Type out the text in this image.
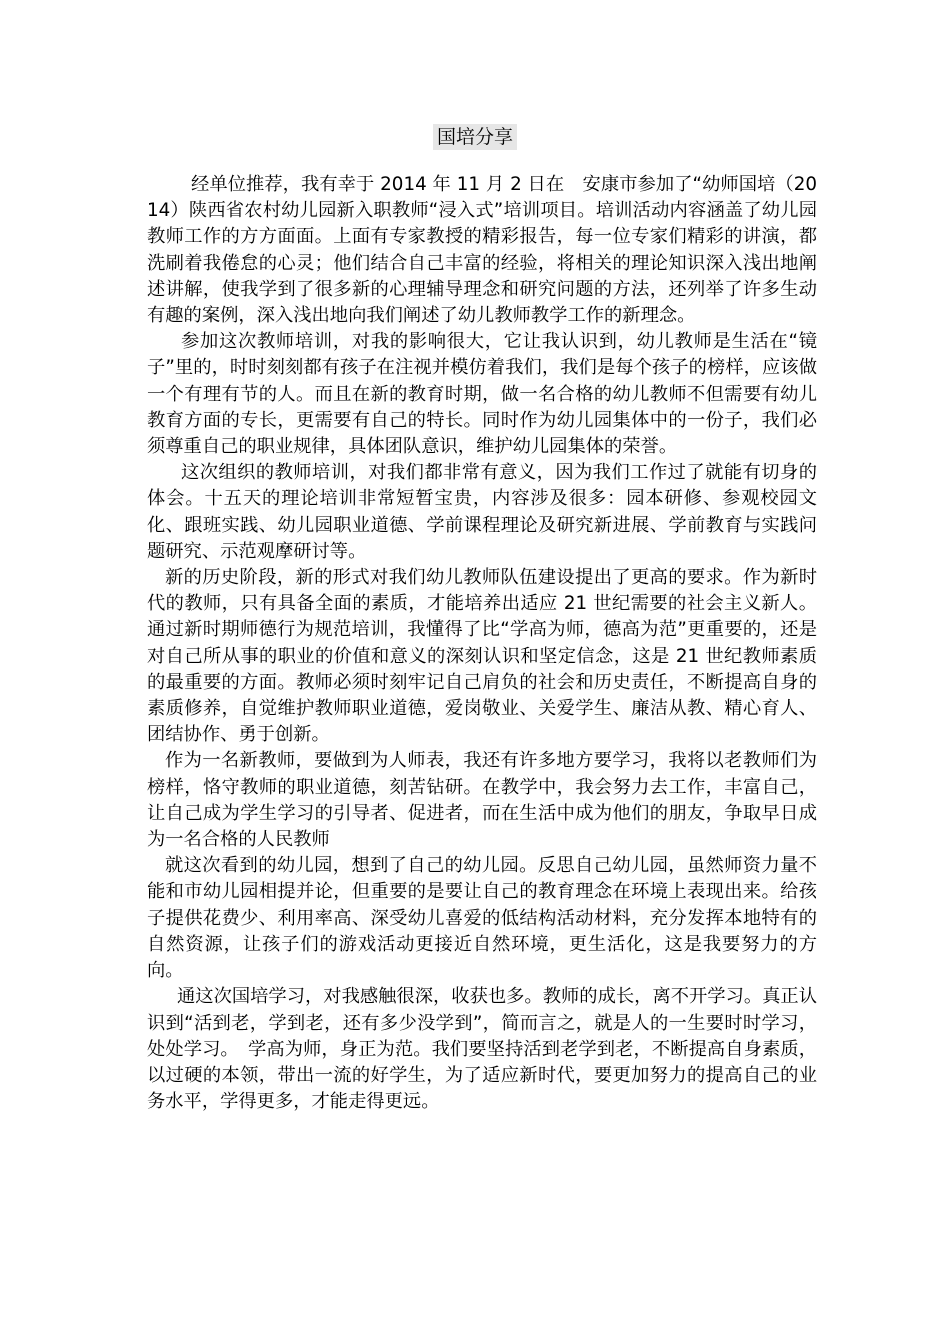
国培分享

经单位推荐，我有幸于 2014 年 11 月 2 日在　安康市参加了“幼师国培（2014）陕西省农村幼儿园新入职教师“浸入式”培训项目。培训活动内容涵盖了幼儿园教师工作的方方面面。上面有专家教授的精彩报告，每一位专家们精彩的讲演，都洗刷着我倦怠的心灵；他们结合自己丰富的经验，将相关的理论知识深入浅出地阐述讲解，使我学到了很多新的心理辅导理念和研究问题的方法，还列举了许多生动有趣的案例，深入浅出地向我们阐述了幼儿教师教学工作的新理念。

参加这次教师培训，对我的影响很大，它让我认识到，幼儿教师是生活在“镜子”里的，时时刻刻都有孩子在注视并模仿着我们，我们是每个孩子的榜样，应该做一个有理有节的人。而且在新的教育时期，做一名合格的幼儿教师不但需要有幼儿教育方面的专长，更需要有自己的特长。同时作为幼儿园集体中的一份子，我们必须尊重自己的职业规律，具体团队意识，维护幼儿园集体的荣誉。

这次组织的教师培训，对我们都非常有意义，因为我们工作过了就能有切身的体会。十五天的理论培训非常短暂宝贵，内容涉及很多：园本研修、参观校园文化、跟班实践、幼儿园职业道德、学前课程理论及研究新进展、学前教育与实践问题研究、示范观摩研讨等。

新的历史阶段，新的形式对我们幼儿教师队伍建设提出了更高的要求。作为新时代的教师，只有具备全面的素质，才能培养出适应 21 世纪需要的社会主义新人。通过新时期师德行为规范培训，我懂得了比“学高为师，德高为范”更重要的，还是对自己所从事的职业的价值和意义的深刻认识和坚定信念，这是 21 世纪教师素质的最重要的方面。教师必须时刻牢记自己肩负的社会和历史责任，不断提高自身的素质修养，自觉维护教师职业道德，爱岗敬业、关爱学生、廉洁从教、精心育人、团结协作、勇于创新。

作为一名新教师，要做到为人师表，我还有许多地方要学习，我将以老教师们为榜样，恪守教师的职业道德，刻苦钻研。在教学中，我会努力去工作，丰富自己，让自己成为学生学习的引导者、促进者，而在生活中成为他们的朋友，争取早日成为一名合格的人民教师

就这次看到的幼儿园，想到了自己的幼儿园。反思自己幼儿园，虽然师资力量不能和市幼儿园相提并论，但重要的是要让自己的教育理念在环境上表现出来。给孩子提供花费少、利用率高、深受幼儿喜爱的低结构活动材料，充分发挥本地特有的自然资源，让孩子们的游戏活动更接近自然环境，更生活化，这是我要努力的方向。

通这次国培学习，对我感触很深，收获也多。教师的成长，离不开学习。真正认识到“活到老，学到老，还有多少没学到”，简而言之，就是人的一生要时时学习，处处学习。　学高为师，身正为范。我们要坚持活到老学到老，不断提高自身素质，以过硬的本领，带出一流的好学生，为了适应新时代，要更加努力的提高自己的业务水平，学得更多，才能走得更远。
